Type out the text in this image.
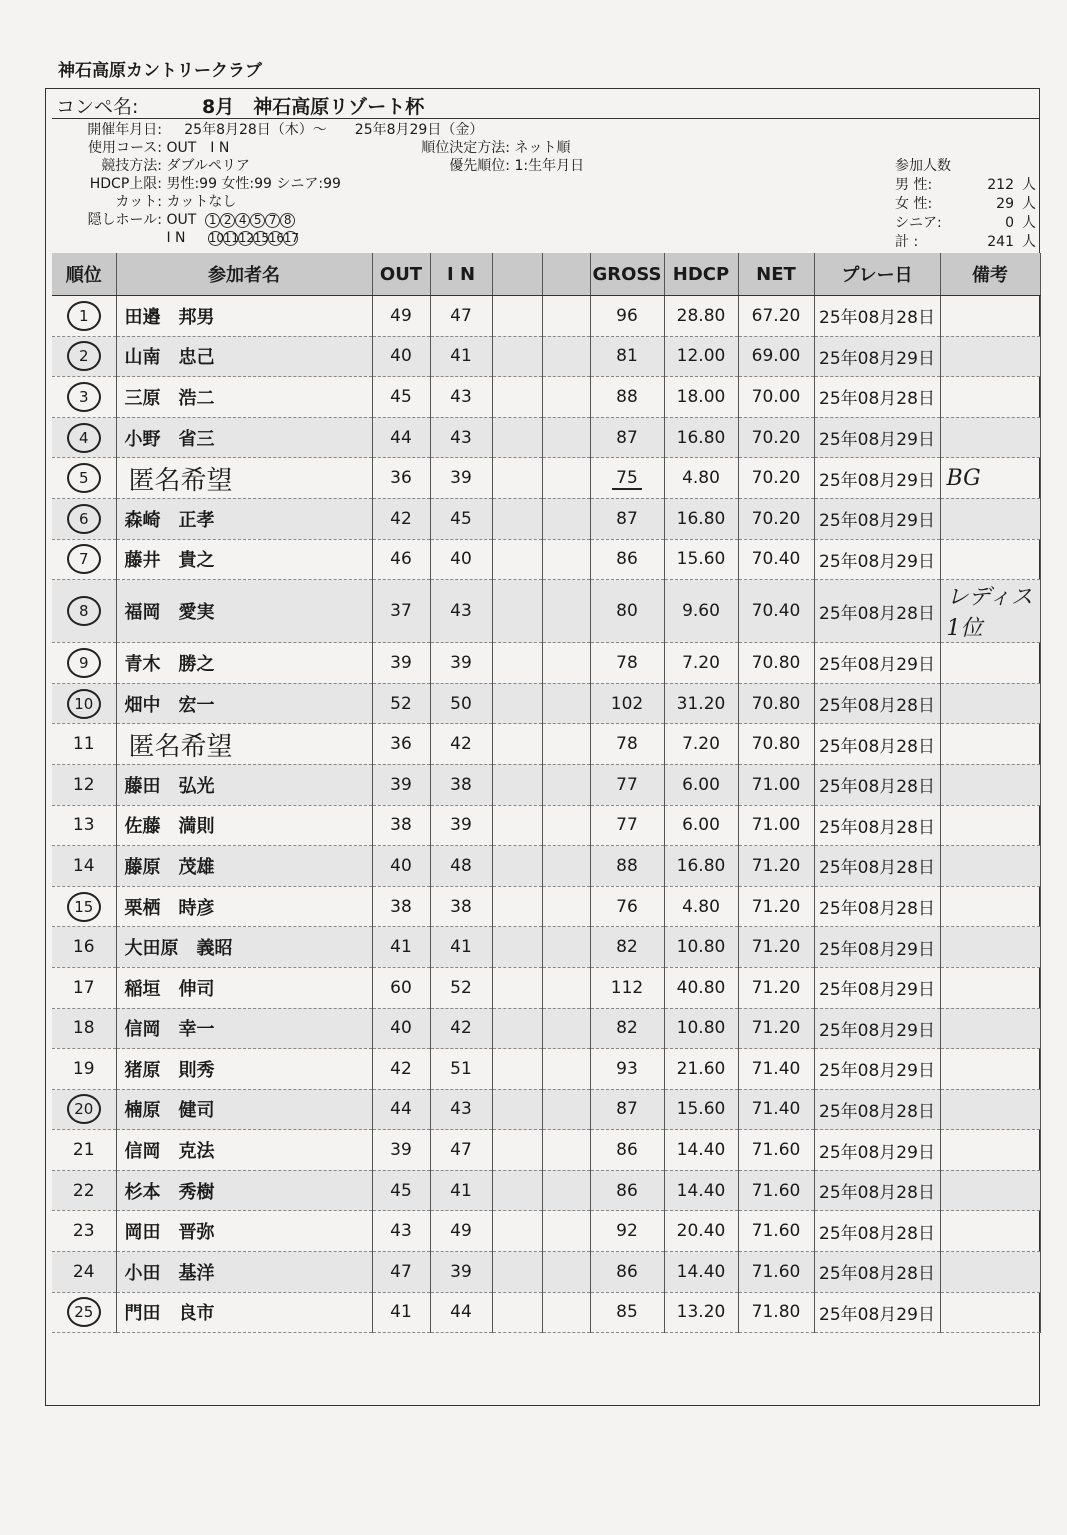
神石高原カントリークラブ
コンペ名:	8月　神石高原リゾート杯
開催年月日: 25年8月28日（木）～　　25年8月29日（金）
使用コース: OUT　I N
競技方法: ダブルペリア
HDCP上限: 男性:99 女性:99 シニア:99
カット: カットなし
隠しホール: OUT 1 2 4 5 7 8
I N 101112151617
順位決定方法: ネット順
優先順位: 1:生年月日	参加人数
男 性:	212 人
女 性:	29 人
シニア:	0 人
計 :	241 人
順位	参加者名	OUT	I N			GROSS	HDCP	NET	プレー日	備考
1	田邉　邦男	49	47			96	28.80	67.20	25年08月28日	
2	山南　忠己	40	41			81	12.00	69.00	25年08月29日	
3	三原　浩二	45	43			88	18.00	70.00	25年08月28日	
4	小野　省三	44	43			87	16.80	70.20	25年08月29日	
5	匿名希望	36	39			75	4.80	70.20	25年08月29日	BG
6	森崎　正孝	42	45			87	16.80	70.20	25年08月29日	
7	藤井　貴之	46	40			86	15.60	70.40	25年08月29日	
8	福岡　愛実	37	43			80	9.60	70.40	25年08月28日	レディス1位
9	青木　勝之	39	39			78	7.20	70.80	25年08月29日	
10	畑中　宏一	52	50			102	31.20	70.80	25年08月28日	
11	匿名希望	36	42			78	7.20	70.80	25年08月28日	
12	藤田　弘光	39	38			77	6.00	71.00	25年08月28日	
13	佐藤　満則	38	39			77	6.00	71.00	25年08月28日	
14	藤原　茂雄	40	48			88	16.80	71.20	25年08月28日	
15	栗栖　時彦	38	38			76	4.80	71.20	25年08月28日	
16	大田原　義昭	41	41			82	10.80	71.20	25年08月29日	
17	稲垣　伸司	60	52			112	40.80	71.20	25年08月29日	
18	信岡　幸一	40	42			82	10.80	71.20	25年08月29日	
19	猪原　則秀	42	51			93	21.60	71.40	25年08月29日	
20	楠原　健司	44	43			87	15.60	71.40	25年08月28日	
21	信岡　克法	39	47			86	14.40	71.60	25年08月29日	
22	杉本　秀樹	45	41			86	14.40	71.60	25年08月28日	
23	岡田　晋弥	43	49			92	20.40	71.60	25年08月28日	
24	小田　基洋	47	39			86	14.40	71.60	25年08月28日	
25	門田　良市	41	44			85	13.20	71.80	25年08月29日	
